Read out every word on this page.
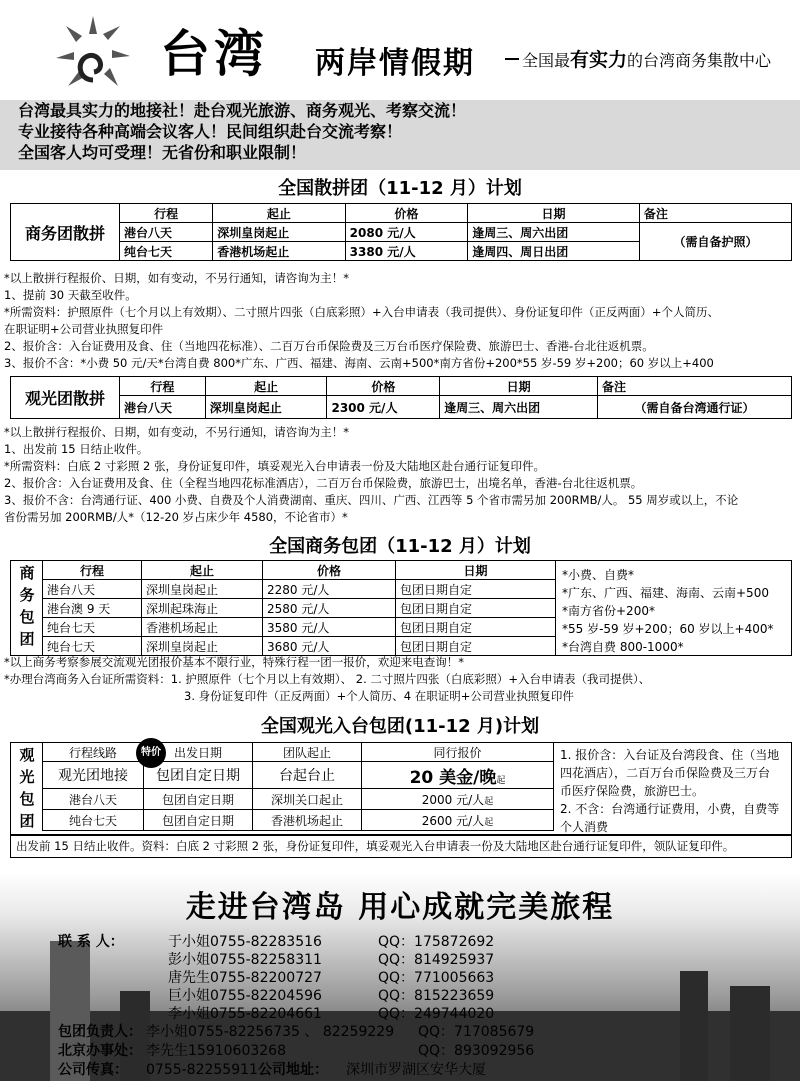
台湾 两岸情假期	全国最有实力的台湾商务集散中心
台湾最具实力的地接社！赴台观光旅游、商务观光、考察交流！
专业接待各种高端会议客人！民间组织赴台交流考察！
全国客人均可受理！无省份和职业限制！
全国散拼团（11-12 月）计划
商务团散拼	行程	起止	价格	日期	备注
	港台八天	深圳皇岗起止	2080 元/人	逢周三、周六出团	（需自备护照）
	纯台七天	香港机场起止	3380 元/人	逢周四、周日出团	
*以上散拼行程报价、日期，如有变动，不另行通知，请咨询为主！*
1、提前 30 天截至收件。
*所需资料：护照原件（七个月以上有效期）、二寸照片四张（白底彩照）+入台申请表（我司提供）、身份证复印件（正反两面）+个人简历、
在职证明+公司营业执照复印件
2、报价含：入台证费用及食、住（当地四花标准）、二百万台币保险费及三万台币医疗保险费、旅游巴士、香港-台北往返机票。
3、报价不含：*小费 50 元/天*台湾自费 800*广东、广西、福建、海南、云南+500*南方省份+200*55 岁-59 岁+200；60 岁以上+400
观光团散拼	行程	起止	价格	日期	备注
	港台八天	深圳皇岗起止	2300 元/人	逢周三、周六出团	（需自备台湾通行证）
*以上散拼行程报价、日期，如有变动，不另行通知，请咨询为主！*
1、出发前 15 日结止收件。
*所需资料：白底 2 寸彩照 2 张，身份证复印件，填妥观光入台申请表一份及大陆地区赴台通行证复印件。
2、报价含：入台证费用及食、住（全程当地四花标准酒店），二百万台币保险费，旅游巴士，出境名单，香港-台北往返机票。
3、报价不含：台湾通行证、400 小费、自费及个人消费湖南、重庆、四川、广西、江西等 5 个省市需另加 200RMB/人。 55 周岁或以上，不论
省份需另加 200RMB/人*（12-20 岁占床少年 4580，不论省市）*
全国商务包团（11-12 月）计划
商
务
包
团
行程	起止	价格	日期
港台八天	深圳皇岗起止	2280 元/人	包团日期自定
港台澳 9 天	深圳起珠海止	2580 元/人	包团日期自定
纯台七天	香港机场起止	3580 元/人	包团日期自定
纯台七天	深圳皇岗起止	3680 元/人	包团日期自定
*小费、自费*
*广东、广西、福建、海南、云南+500
*南方省份+200*
*55 岁-59 岁+200；60 岁以上+400*
*台湾自费 800-1000*
*以上商务考察参展交流观光团报价基本不限行业，特殊行程一团一报价，欢迎来电查询！*
*办理台湾商务入台证所需资料：1. 护照原件（七个月以上有效期）、 2. 二寸照片四张（白底彩照）+入台申请表（我司提供）、
3. 身份证复印件（正反两面）+个人简历、4 在职证明+公司营业执照复印件
全国观光入台包团(11-12 月)计划
观
光
包
团
行程线路	出发日期	团队起止	同行报价
观光团地接	包团自定日期	台起台止	20 美金/晚起
港台八天	包团自定日期	深圳关口起止	2000 元/人起
纯台七天	包团自定日期	香港机场起止	2600 元/人起
特价	1. 报价含：入台证及台湾段食、住（当地
四花酒店），二百万台币保险费及三万台
币医疗保险费，旅游巴士。
2. 不含：台湾通行证费用，小费，自费等
个人消费
出发前 15 日结止收件。资料：白底 2 寸彩照 2 张，身份证复印件，填妥观光入台申请表一份及大陆地区赴台通行证复印件，领队证复印件。
走进台湾岛 用心成就完美旅程
联 系 人：	于小姐0755-82283516	QQ：175872692
彭小姐0755-82258311	QQ：814925937
唐先生0755-82200727	QQ：771005663
巨小姐0755-82204596	QQ：815223659
李小姐0755-82204661	QQ：249744020
包团负责人： 李小姐0755-82256735 、 82259229 QQ：717085679
北京办事处： 李先生15910603268	QQ：893092956
公司传真： 0755-82255911公司地址： 深圳市罗湖区安华大厦
